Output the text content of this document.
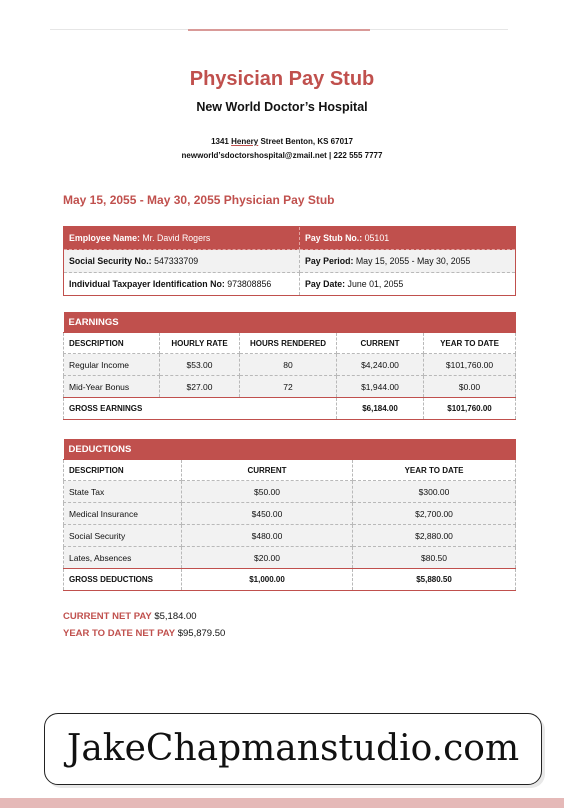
Physician Pay Stub
New World Doctor’s Hospital
1341 Henery Street Benton, KS 67017
newworld’sdoctorshospital@zmail.net | 222 555 7777
May 15, 2055 - May 30, 2055 Physician Pay Stub
Employee Name: Mr. David Rogers	Pay Stub No.: 05101
Social Security No.: 547333709	Pay Period: May 15, 2055 - May 30, 2055
Individual Taxpayer Identification No: 973808856	Pay Date: June 01, 2055
EARNINGS				
DESCRIPTION	HOURLY RATE	HOURS RENDERED	CURRENT	YEAR TO DATE
Regular Income	$53.00	80	$4,240.00	$101,760.00
Mid-Year Bonus	$27.00	72	$1,944.00	$0.00
GROSS EARNINGS			$6,184.00	$101,760.00
DEDUCTIONS		
DESCRIPTION	CURRENT	YEAR TO DATE
State Tax	$50.00	$300.00
Medical Insurance	$450.00	$2,700.00
Social Security	$480.00	$2,880.00
Lates, Absences	$20.00	$80.50
GROSS DEDUCTIONS	$1,000.00	$5,880.50
CURRENT NET PAY $5,184.00
YEAR TO DATE NET PAY $95,879.50
JakeChapmanstudio.com
